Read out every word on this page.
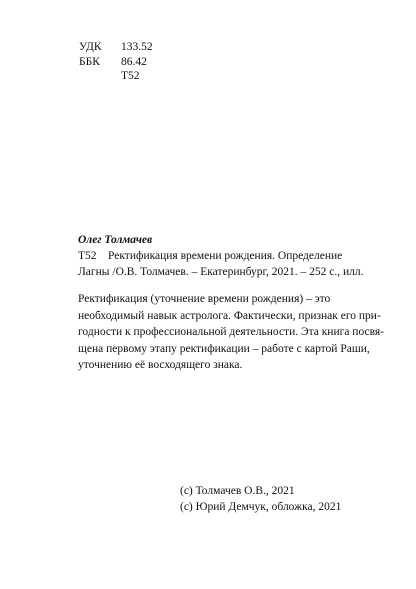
УДК	133.52
ББК	86.42
Т52
Олег Толмачев
Т52    Ректификация времени рождения. Определение
Лагны /О.В. Толмачев. – Екатеринбург, 2021. – 252 с., илл.
Ректификация (уточнение времени рождения) – это
необходимый навык астролога. Фактически, признак его при-
годности к профессиональной деятельности. Эта книга посвя-
щена первому этапу ректификации – работе с картой Раши,
уточнению её восходящего знака.
(с) Толмачев О.В., 2021
(с) Юрий Демчук, обложка, 2021
